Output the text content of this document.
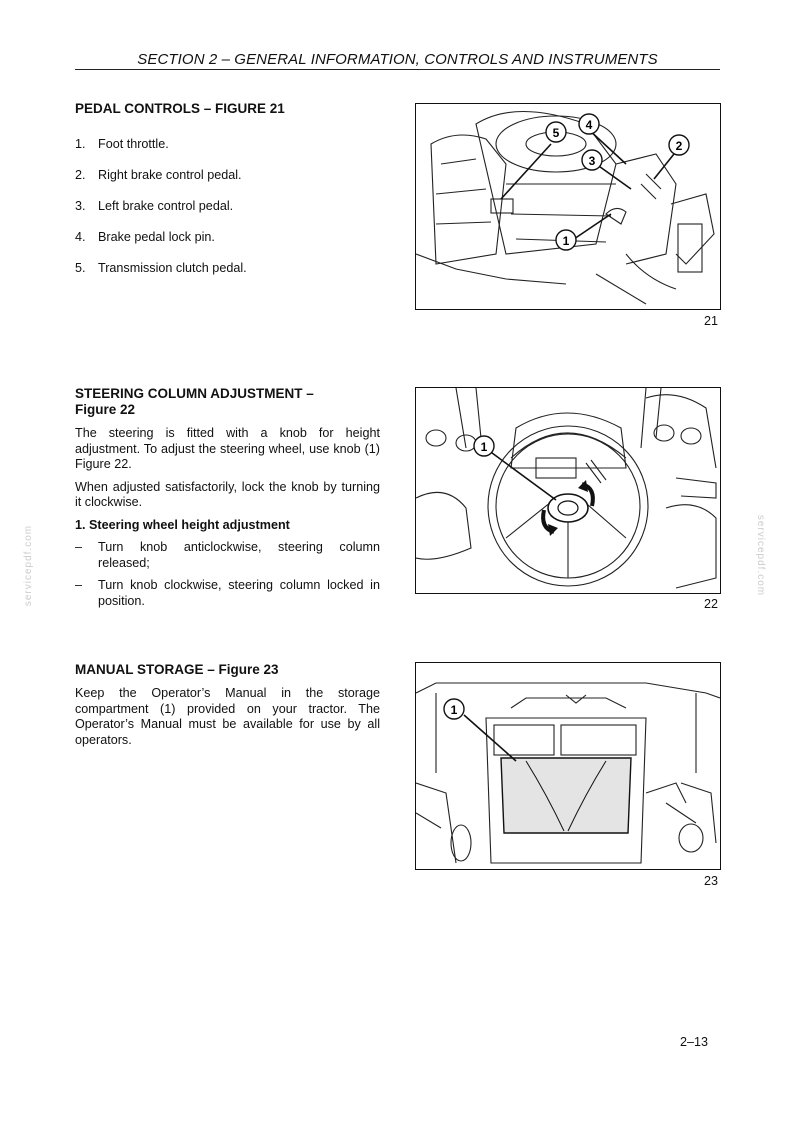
SECTION 2 – GENERAL INFORMATION, CONTROLS AND INSTRUMENTS
servicepdf.com	servicepdf.com
PEDAL CONTROLS – FIGURE 21
1. Foot throttle.
2. Right brake control pedal.
3. Left brake control pedal.
4. Brake pedal lock pin.
5. Transmission clutch pedal.
5
4
3
2
1
21
STEERING COLUMN ADJUSTMENT –
Figure 22

The steering is fitted with a knob for height adjustment. To adjust the steering wheel, use knob (1) Figure 22.

When adjusted satisfactorily, lock the knob by turning it clockwise.

1. Steering wheel height adjustment
–	Turn knob anticlockwise, steering column released;
–	Turn knob clockwise, steering column locked in position.
1
22
MANUAL STORAGE – Figure 23

Keep the Operator’s Manual in the storage compartment (1) provided on your tractor. The Operator’s Manual must be available for use by all operators.

1
23
2–13
